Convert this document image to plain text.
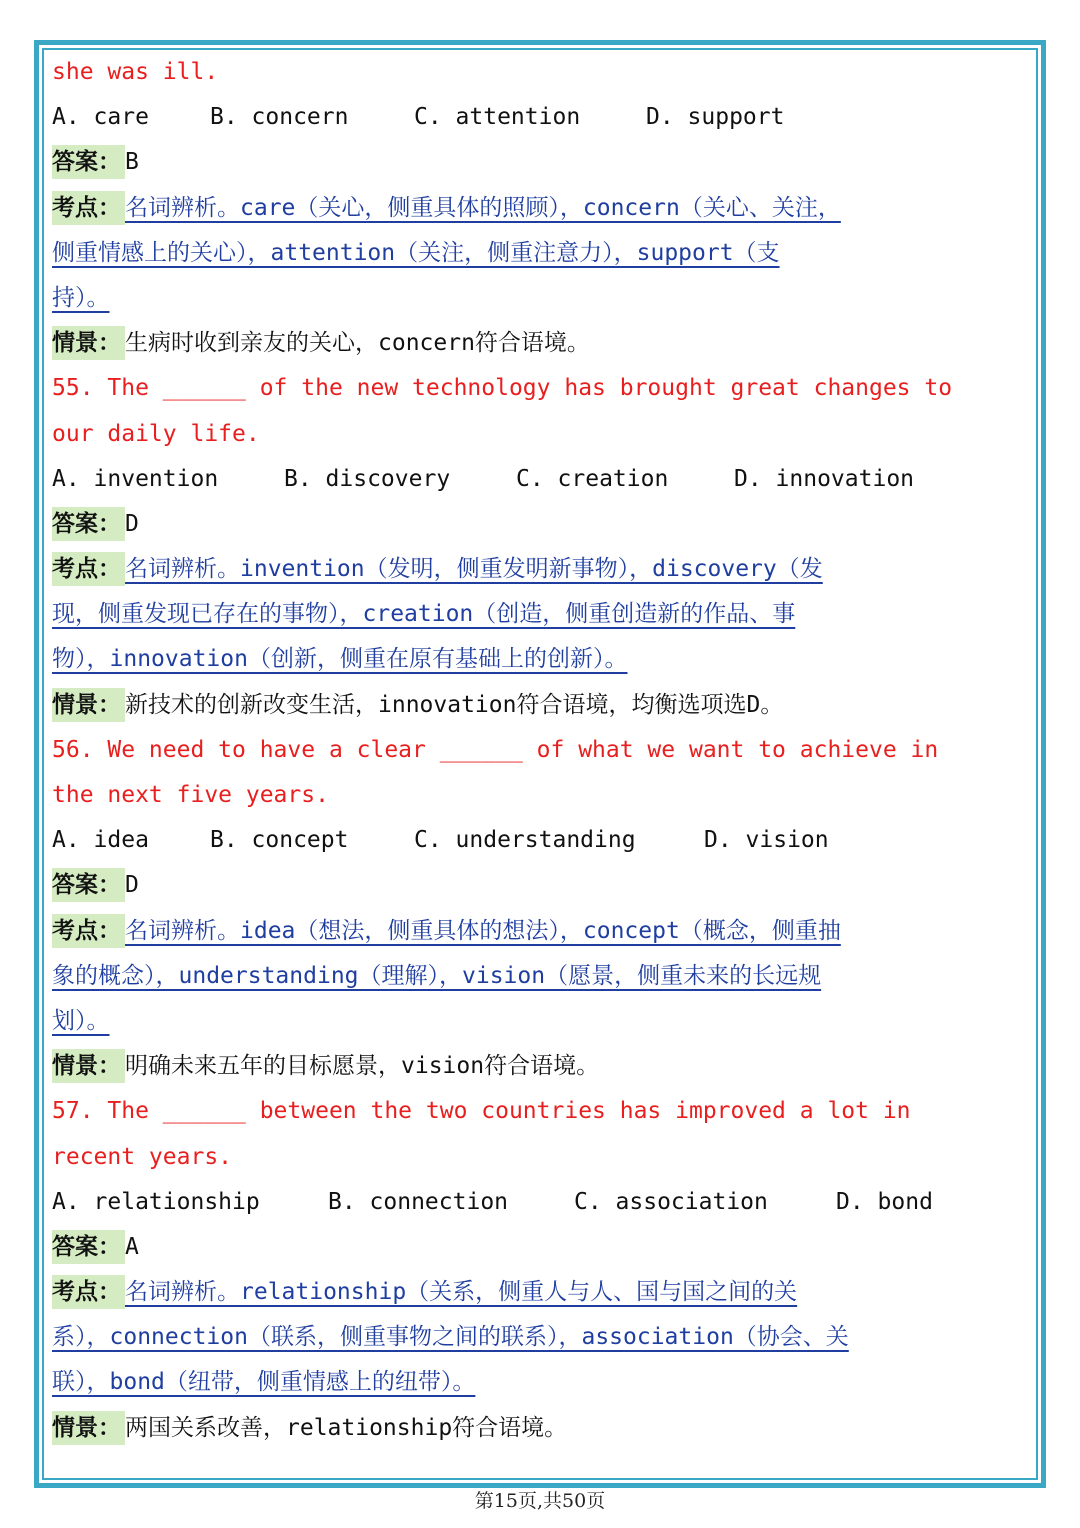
she was ill.
A. care	B. concern	C. attention	D. support
答案： B
考点： 名词辨析。care（关心，侧重具体的照顾），concern（关心、关注，
侧重情感上的关心），attention（关注，侧重注意力），support（支
持）。
情景： 生病时收到亲友的关心，concern符合语境。
55. The ______ of the new technology has brought great changes to
our daily life.
A. invention	B. discovery	C. creation	D. innovation
答案： D
考点： 名词辨析。invention（发明，侧重发明新事物），discovery（发
现，侧重发现已存在的事物），creation（创造，侧重创造新的作品、事
物），innovation（创新，侧重在原有基础上的创新）。
情景： 新技术的创新改变生活，innovation符合语境，均衡选项选D。
56. We need to have a clear ______ of what we want to achieve in
the next five years.
A. idea	B. concept	C. understanding	D. vision
答案： D
考点： 名词辨析。idea（想法，侧重具体的想法），concept（概念，侧重抽
象的概念），understanding（理解），vision（愿景，侧重未来的长远规
划）。
情景： 明确未来五年的目标愿景，vision符合语境。
57. The ______ between the two countries has improved a lot in
recent years.
A. relationship	B. connection	C. association	D. bond
答案： A
考点： 名词辨析。relationship（关系，侧重人与人、国与国之间的关
系），connection（联系，侧重事物之间的联系），association（协会、关
联），bond（纽带，侧重情感上的纽带）。
情景： 两国关系改善，relationship符合语境。
第15页,共50页
